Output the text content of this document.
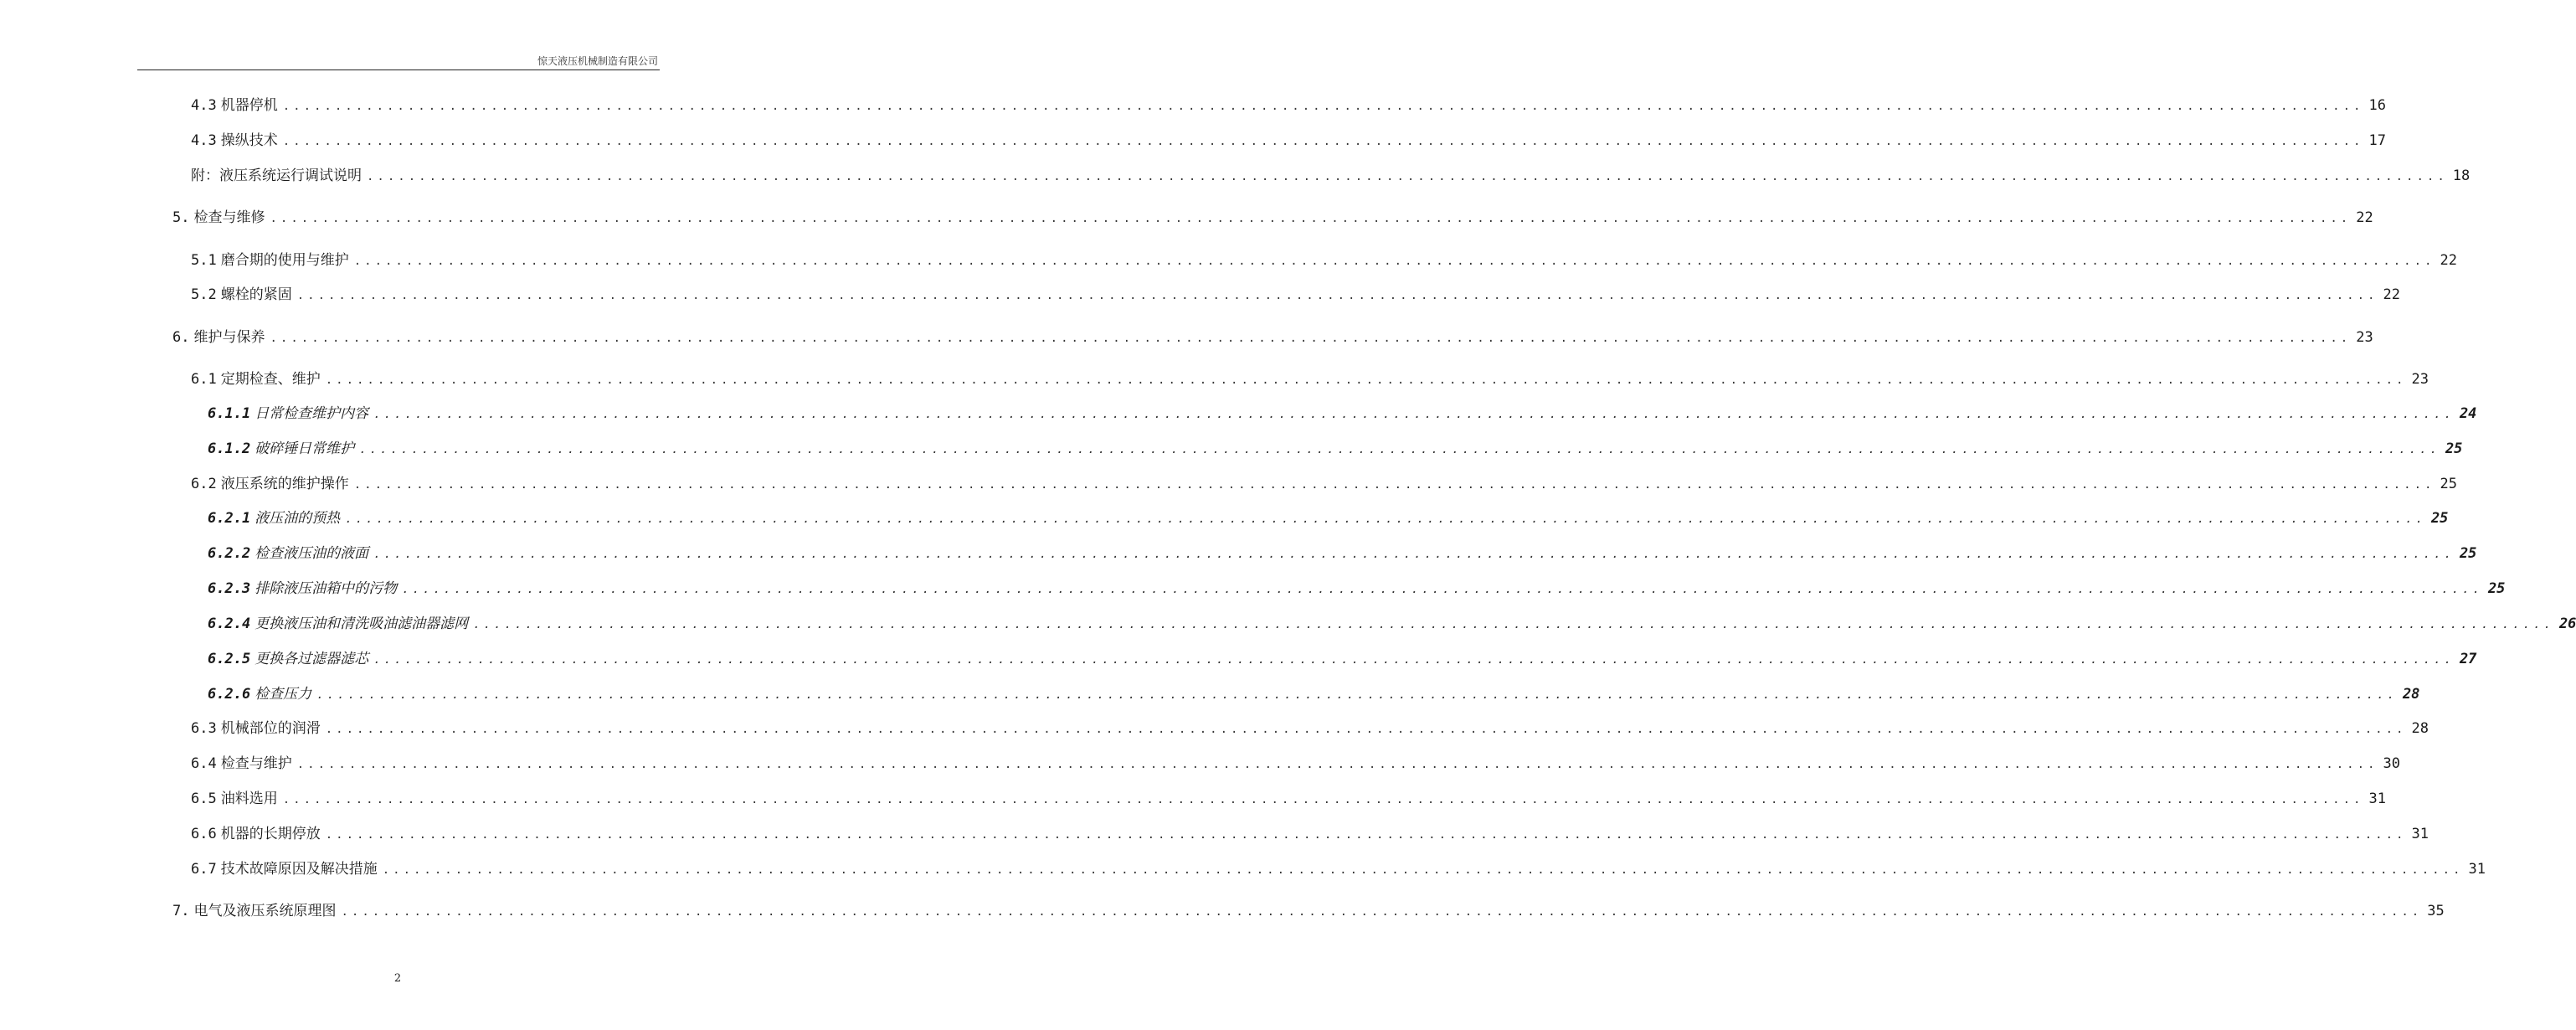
惊天液压机械制造有限公司
4.3 机器停机 ........................................................................................................................................................................................................ 16
4.3 操纵技术 ........................................................................................................................................................................................................ 17
附：液压系统运行调试说明 ........................................................................................................................................................................................................ 18
5. 检查与维修 ........................................................................................................................................................................................................ 22
5.1 磨合期的使用与维护 ........................................................................................................................................................................................................ 22
5.2 螺栓的紧固 ........................................................................................................................................................................................................ 22
6. 维护与保养 ........................................................................................................................................................................................................ 23
6.1 定期检查、维护 ........................................................................................................................................................................................................ 23
6.1.1 日常检查维护内容 ........................................................................................................................................................................................................ 24
6.1.2 破碎锤日常维护 ........................................................................................................................................................................................................ 25
6.2 液压系统的维护操作 ........................................................................................................................................................................................................ 25
6.2.1 液压油的预热 ........................................................................................................................................................................................................ 25
6.2.2 检查液压油的液面 ........................................................................................................................................................................................................ 25
6.2.3 排除液压油箱中的污物 ........................................................................................................................................................................................................ 25
6.2.4 更换液压油和清洗吸油滤油器滤网 ........................................................................................................................................................................................................ 26
6.2.5 更换各过滤器滤芯 ........................................................................................................................................................................................................ 27
6.2.6 检查压力 ........................................................................................................................................................................................................ 28
6.3 机械部位的润滑 ........................................................................................................................................................................................................ 28
6.4 检查与维护 ........................................................................................................................................................................................................ 30
6.5 油料选用 ........................................................................................................................................................................................................ 31
6.6 机器的长期停放 ........................................................................................................................................................................................................ 31
6.7 技术故障原因及解决措施 ........................................................................................................................................................................................................ 31
7. 电气及液压系统原理图 ........................................................................................................................................................................................................ 35
2
